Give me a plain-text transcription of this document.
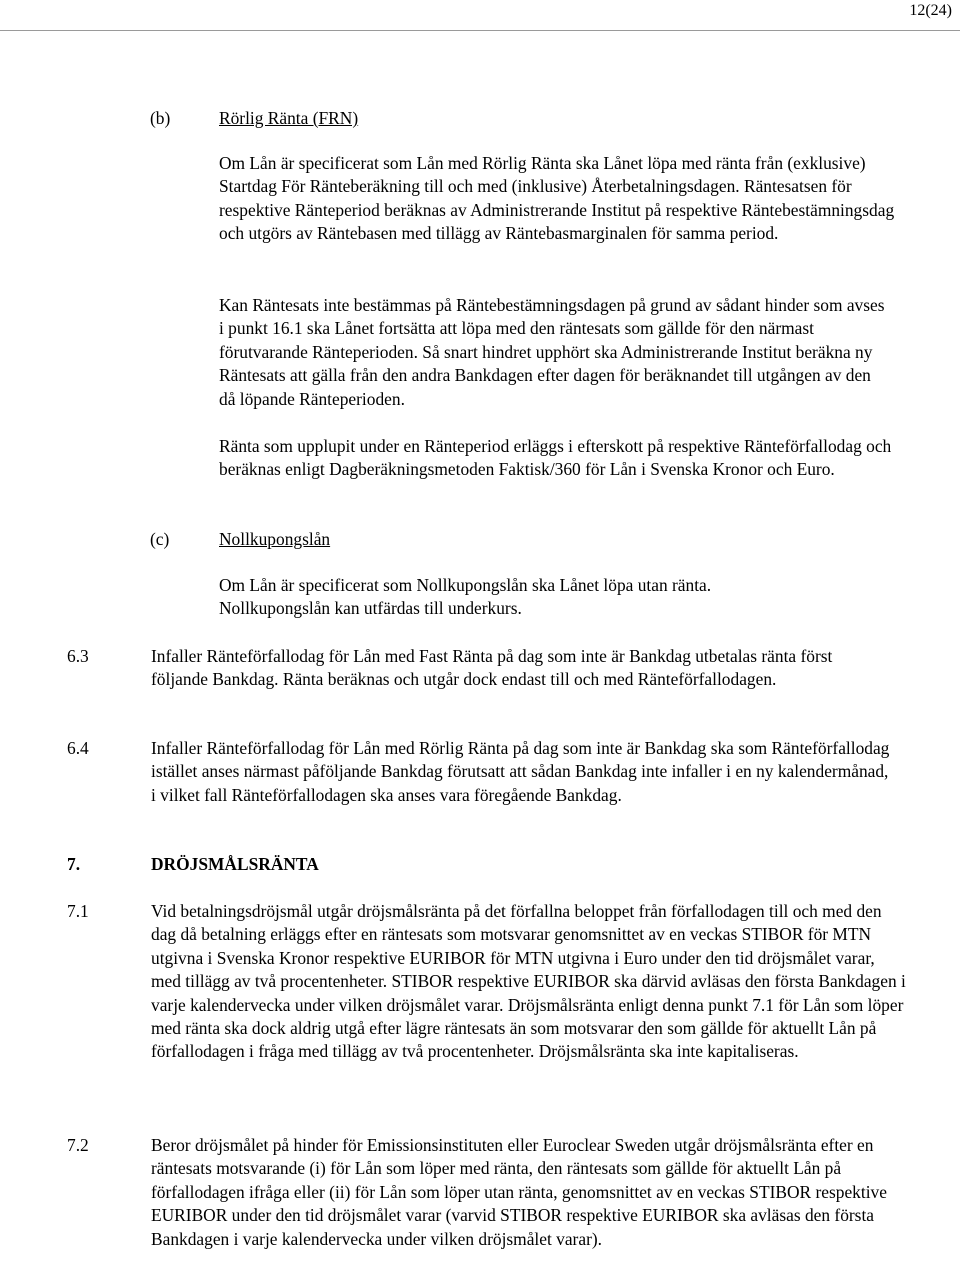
12(24)
(b)	Rörlig Ränta (FRN)

Om Lån är specificerat som Lån med Rörlig Ränta ska Lånet löpa med ränta från (exklusive) Startdag För Ränteberäkning till och med (inklusive) Återbetalningsdagen. Räntesatsen för respektive Ränteperiod beräknas av Administrerande Institut på respektive Räntebestämningsdag och utgörs av Räntebasen med tillägg av Räntebasmarginalen för samma period.

Kan Räntesats inte bestämmas på Räntebestämningsdagen på grund av sådant hinder som avses i punkt 16.1 ska Lånet fortsätta att löpa med den räntesats som gällde för den närmast förutvarande Ränteperioden. Så snart hindret upphört ska Administrerande Institut beräkna ny Räntesats att gälla från den andra Bankdagen efter dagen för beräknandet till utgången av den då löpande Ränteperioden.

Ränta som upplupit under en Ränteperiod erläggs i efterskott på respektive Ränteförfallodag och beräknas enligt Dagberäkningsmetoden Faktisk/360 för Lån i Svenska Kronor och Euro.

(c)	Nollkupongslån

Om Lån är specificerat som Nollkupongslån ska Lånet löpa utan ränta. Nollkupongslån kan utfärdas till underkurs.

6.3	Infaller Ränteförfallodag för Lån med Fast Ränta på dag som inte är Bankdag utbetalas ränta först följande Bankdag. Ränta beräknas och utgår dock endast till och med Ränteförfallodagen.

6.4	Infaller Ränteförfallodag för Lån med Rörlig Ränta på dag som inte är Bankdag ska som Ränteförfallodag istället anses närmast påföljande Bankdag förutsatt att sådan Bankdag inte infaller i en ny kalendermånad, i vilket fall Ränteförfallodagen ska anses vara föregående Bankdag.

7.	DRÖJSMÅLSRÄNTA
7.1	Vid betalningsdröjsmål utgår dröjsmålsränta på det förfallna beloppet från förfallodagen till och med den dag då betalning erläggs efter en räntesats som motsvarar genomsnittet av en veckas STIBOR för MTN utgivna i Svenska Kronor respektive EURIBOR för MTN utgivna i Euro under den tid dröjsmålet varar, med tillägg av två procentenheter. STIBOR respektive EURIBOR ska därvid avläsas den första Bankdagen i varje kalendervecka under vilken dröjsmålet varar. Dröjsmålsränta enligt denna punkt 7.1 för Lån som löper med ränta ska dock aldrig utgå efter lägre räntesats än som motsvarar den som gällde för aktuellt Lån på förfallodagen i fråga med tillägg av två procentenheter. Dröjsmålsränta ska inte kapitaliseras.

7.2	Beror dröjsmålet på hinder för Emissionsinstituten eller Euroclear Sweden utgår dröjsmålsränta efter en räntesats motsvarande (i) för Lån som löper med ränta, den räntesats som gällde för aktuellt Lån på förfallodagen ifråga eller (ii) för Lån som löper utan ränta, genomsnittet av en veckas STIBOR respektive EURIBOR under den tid dröjsmålet varar (varvid STIBOR respektive EURIBOR ska avläsas den första Bankdagen i varje kalendervecka under vilken dröjsmålet varar).
